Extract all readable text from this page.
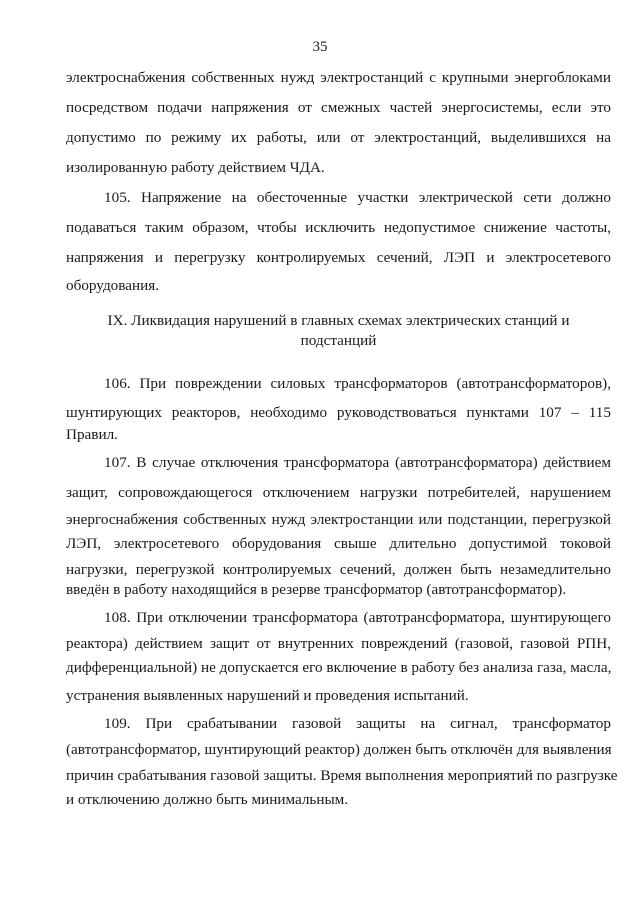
35
электроснабжения собственных нужд электростанций с крупными энергоблоками
посредством подачи напряжения от смежных частей энергосистемы, если это
допустимо по режиму их работы, или от электростанций, выделившихся на
изолированную работу действием ЧДА.
105. Напряжение на обесточенные участки электрической сети должно
подаваться таким образом, чтобы исключить недопустимое снижение частоты,
напряжения и перегрузку контролируемых сечений, ЛЭП и электросетевого
оборудования.
IX. Ликвидация нарушений в главных схемах электрических станций и
подстанций
106. При повреждении силовых трансформаторов (автотрансформаторов),
шунтирующих реакторов, необходимо руководствоваться пунктами 107 – 115
Правил.
107. В случае отключения трансформатора (автотрансформатора) действием
защит, сопровождающегося отключением нагрузки потребителей, нарушением
энергоснабжения собственных нужд электростанции или подстанции, перегрузкой
ЛЭП, электросетевого оборудования свыше длительно допустимой токовой
нагрузки, перегрузкой контролируемых сечений, должен быть незамедлительно
введён в работу находящийся в резерве трансформатор (автотрансформатор).
108. При отключении трансформатора (автотрансформатора, шунтирующего
реактора) действием защит от внутренних повреждений (газовой, газовой РПН,
дифференциальной) не допускается его включение в работу без анализа газа, масла,
устранения выявленных нарушений и проведения испытаний.
109. При срабатывании газовой защиты на сигнал, трансформатор
(автотрансформатор, шунтирующий реактор) должен быть отключён для выявления
причин срабатывания газовой защиты. Время выполнения мероприятий по разгрузке
и отключению должно быть минимальным.
